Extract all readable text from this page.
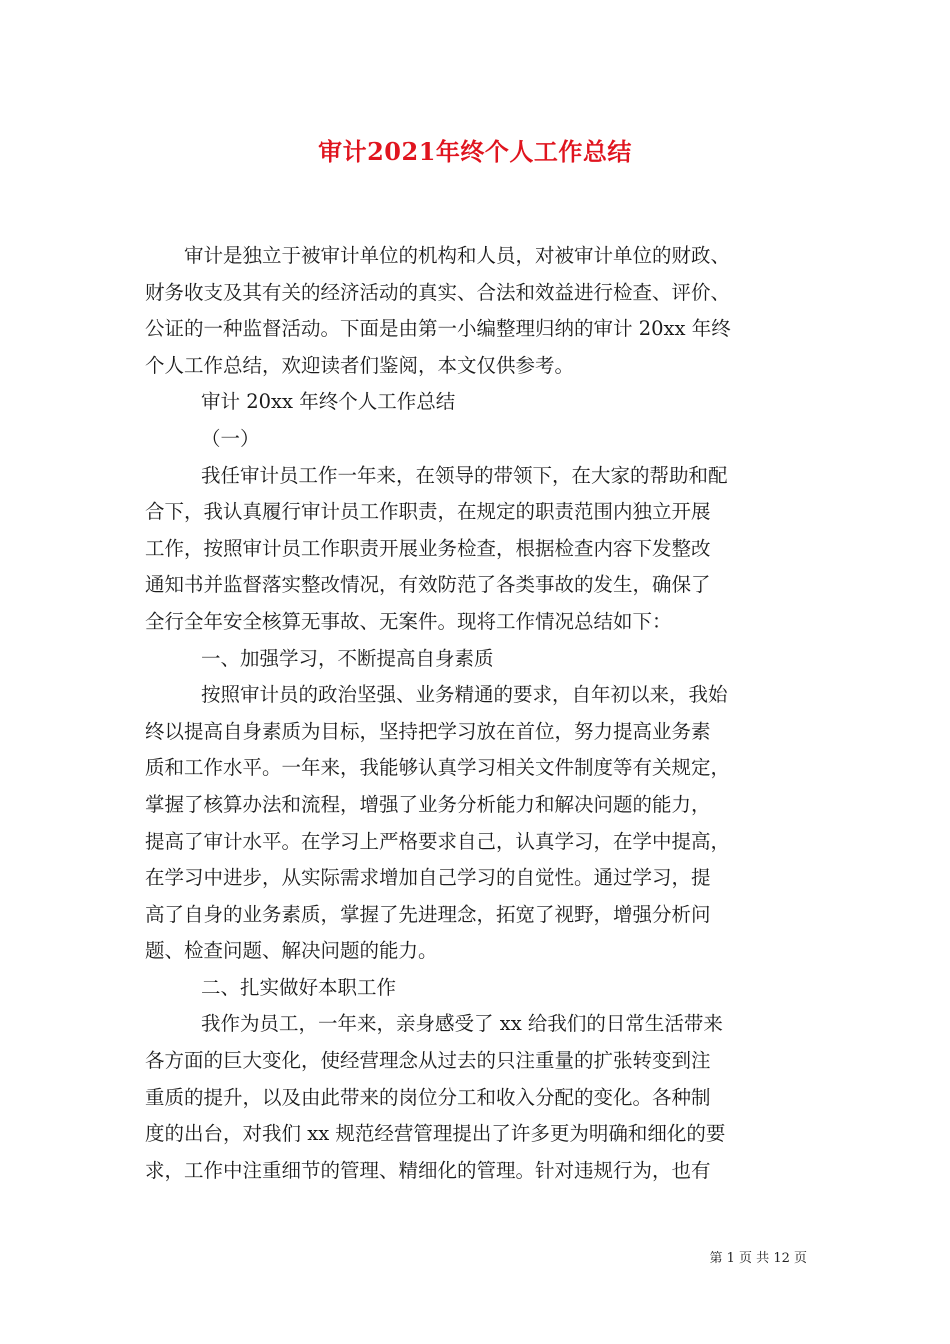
审计2021年终个人工作总结
审计是独立于被审计单位的机构和人员，对被审计单位的财政、
财务收支及其有关的经济活动的真实、合法和效益进行检查、评价、
公证的一种监督活动。下面是由第一小编整理归纳的审计 20xx 年终
个人工作总结，欢迎读者们鉴阅，本文仅供参考。
审计 20xx 年终个人工作总结
（一）
我任审计员工作一年来，在领导的带领下，在大家的帮助和配
合下，我认真履行审计员工作职责，在规定的职责范围内独立开展
工作，按照审计员工作职责开展业务检查，根据检查内容下发整改
通知书并监督落实整改情况，有效防范了各类事故的发生，确保了
全行全年安全核算无事故、无案件。现将工作情况总结如下：
一、加强学习，不断提高自身素质
按照审计员的政治坚强、业务精通的要求，自年初以来，我始
终以提高自身素质为目标，坚持把学习放在首位，努力提高业务素
质和工作水平。一年来，我能够认真学习相关文件制度等有关规定，
掌握了核算办法和流程，增强了业务分析能力和解决问题的能力，
提高了审计水平。在学习上严格要求自己，认真学习，在学中提高，
在学习中进步，从实际需求增加自己学习的自觉性。通过学习，提
高了自身的业务素质，掌握了先进理念，拓宽了视野，增强分析问
题、检查问题、解决问题的能力。
二、扎实做好本职工作
我作为员工，一年来，亲身感受了 xx 给我们的日常生活带来
各方面的巨大变化，使经营理念从过去的只注重量的扩张转变到注
重质的提升，以及由此带来的岗位分工和收入分配的变化。各种制
度的出台，对我们 xx 规范经营管理提出了许多更为明确和细化的要
求，工作中注重细节的管理、精细化的管理。针对违规行为，也有
第 1 页 共 12 页
